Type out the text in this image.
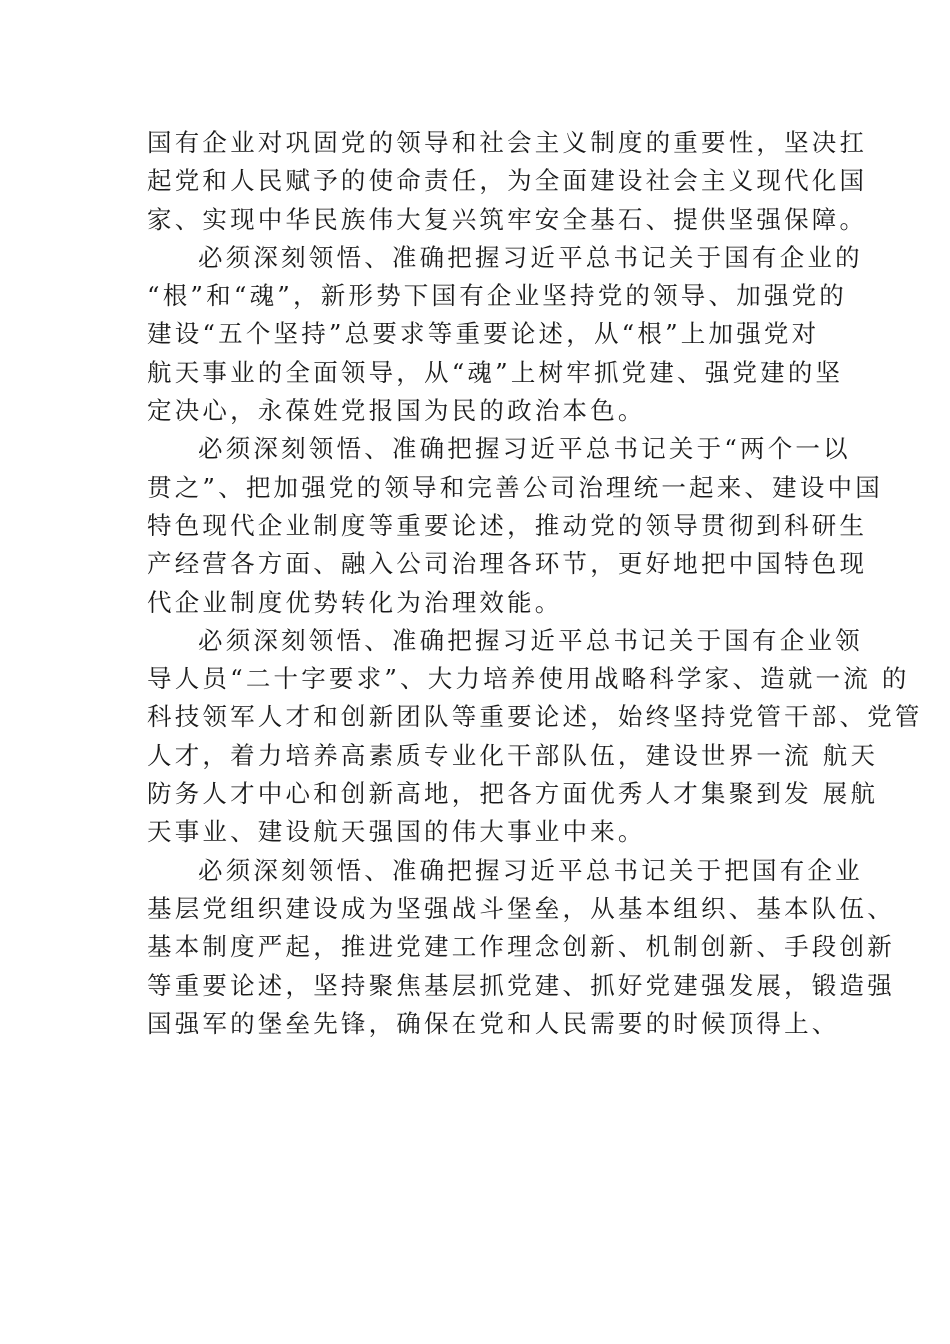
国有企业对巩固党的领导和社会主义制度的重要性，坚决扛
起党和人民赋予的使命责任，为全面建设社会主义现代化国
家、实现中华民族伟大复兴筑牢安全基石、提供坚强保障。
必须深刻领悟、准确把握习近平总书记关于国有企业的
“根”和“魂”，新形势下国有企业坚持党的领导、加强党的
建设“五个坚持”总要求等重要论述，从“根”上加强党对
航天事业的全面领导，从“魂”上树牢抓党建、强党建的坚
定决心，永葆姓党报国为民的政治本色。
必须深刻领悟、准确把握习近平总书记关于“两个一以
贯之”、把加强党的领导和完善公司治理统一起来、建设中国
特色现代企业制度等重要论述，推动党的领导贯彻到科研生
产经营各方面、融入公司治理各环节，更好地把中国特色现
代企业制度优势转化为治理效能。
必须深刻领悟、准确把握习近平总书记关于国有企业领
导人员“二十字要求”、大力培养使用战略科学家、造就一流 的
科技领军人才和创新团队等重要论述，始终坚持党管干部、党管
人才，着力培养高素质专业化干部队伍，建设世界一流 航天
防务人才中心和创新高地，把各方面优秀人才集聚到发 展航
天事业、建设航天强国的伟大事业中来。
必须深刻领悟、准确把握习近平总书记关于把国有企业
基层党组织建设成为坚强战斗堡垒，从基本组织、基本队伍、
基本制度严起，推进党建工作理念创新、机制创新、手段创新
等重要论述，坚持聚焦基层抓党建、抓好党建强发展，锻造强
国强军的堡垒先锋，确保在党和人民需要的时候顶得上、
